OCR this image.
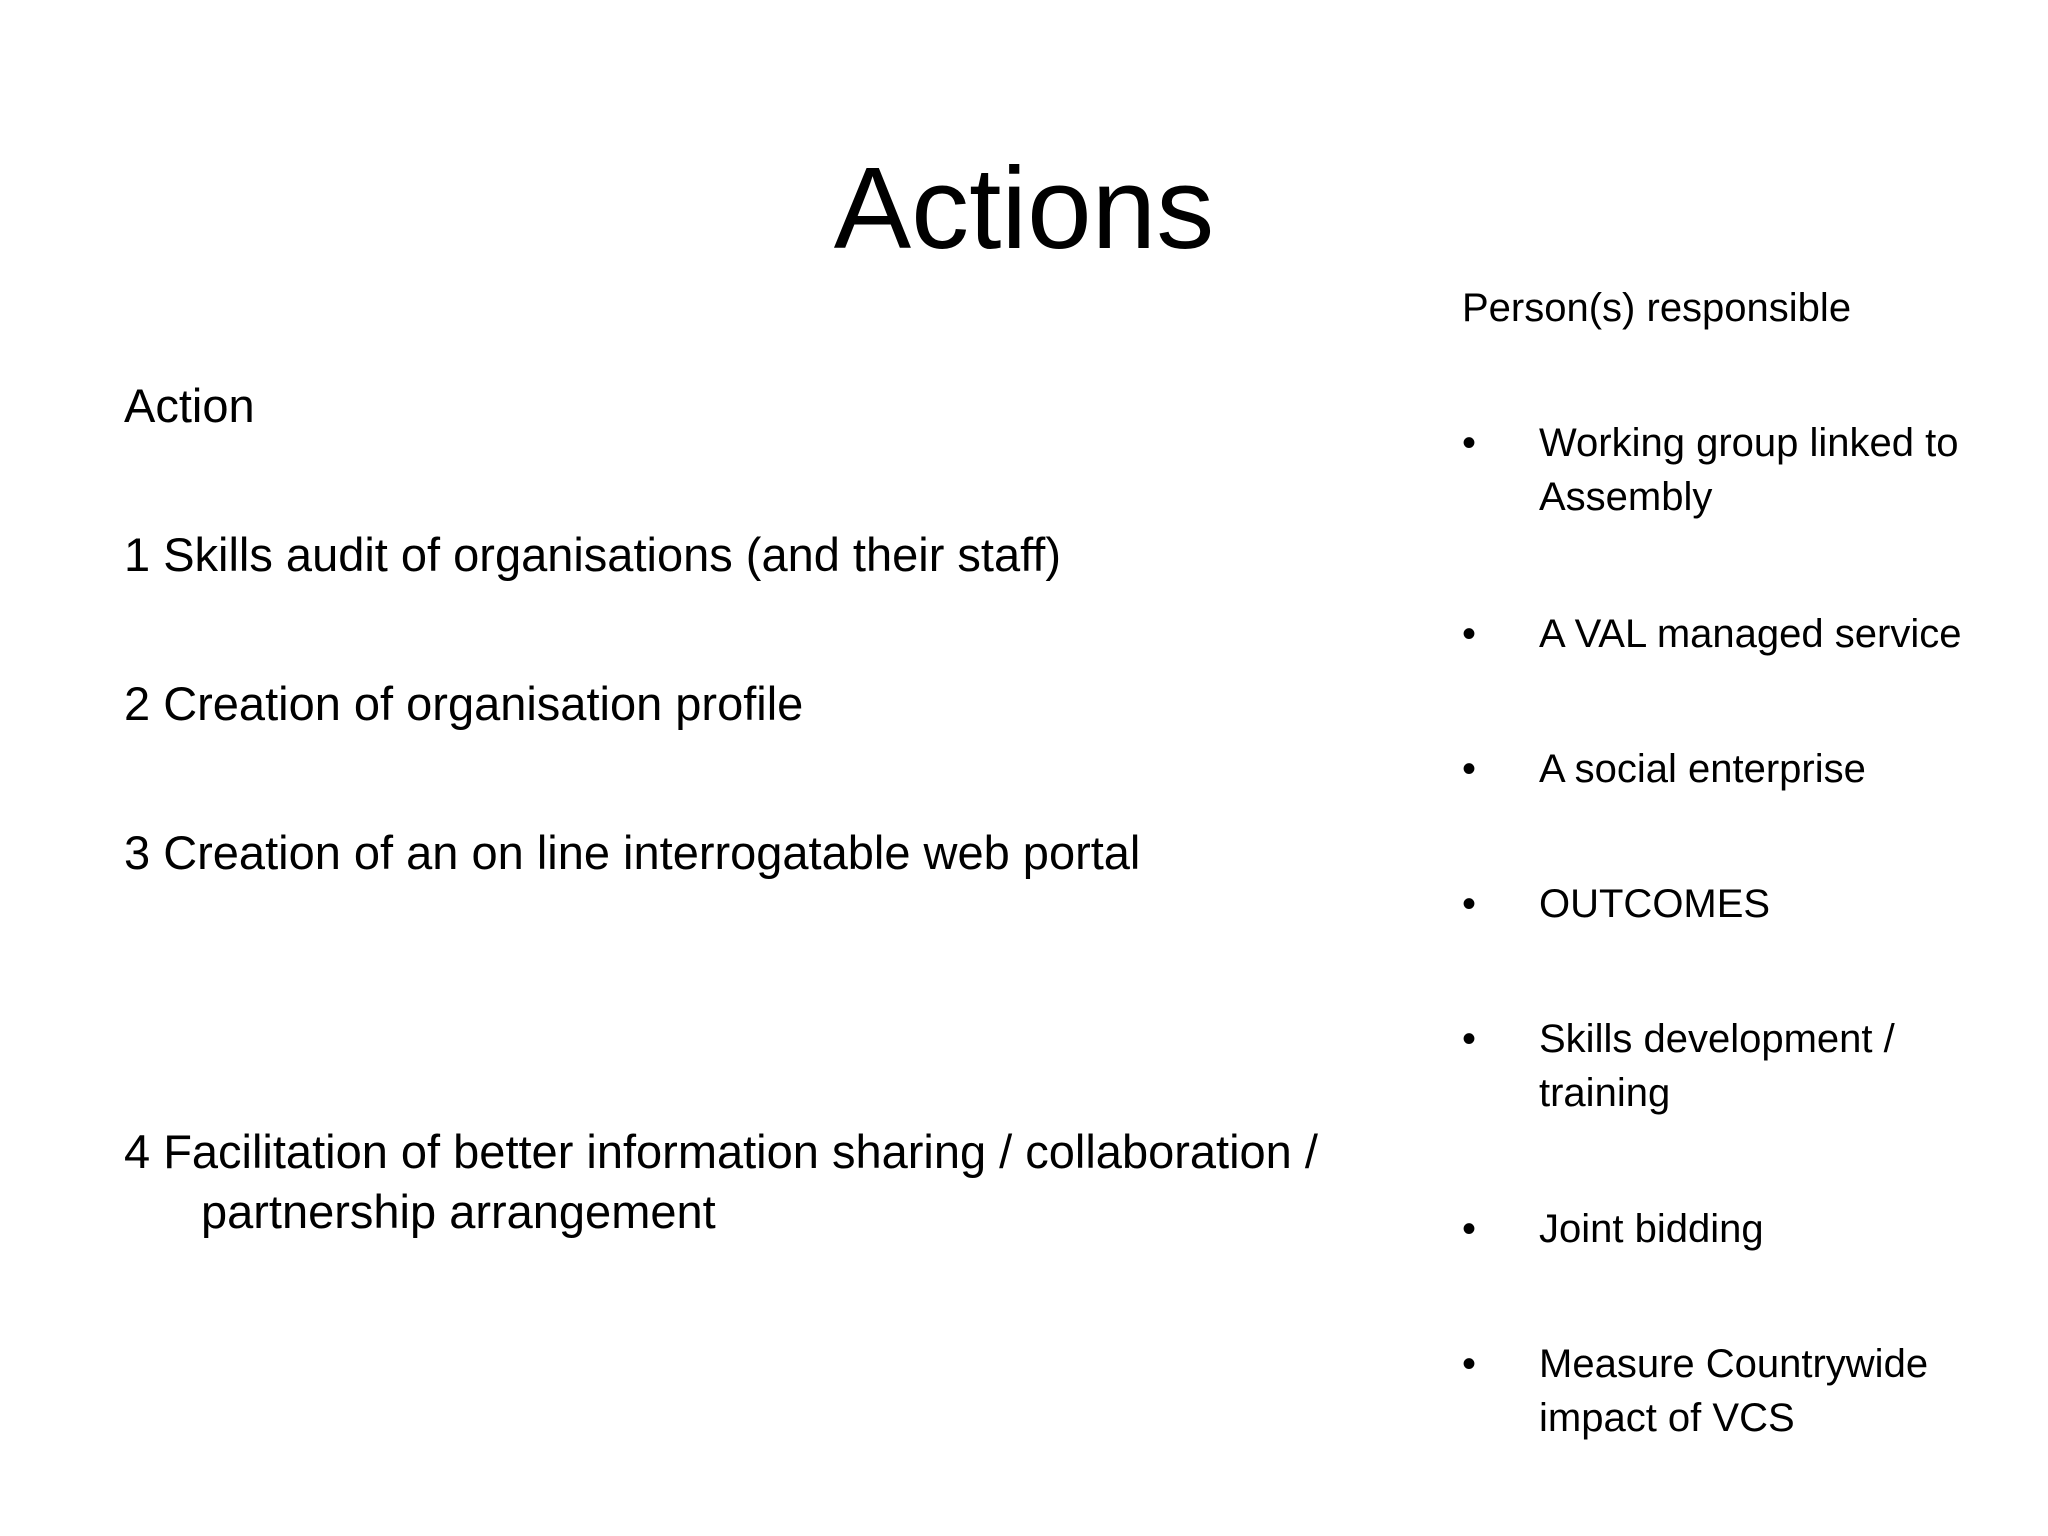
Actions
Action
1 Skills audit of organisations (and their staff)
2 Creation of organisation profile
3 Creation of an on line interrogatable web portal
4 Facilitation of better information sharing / collaboration / partnership arrangement
Person(s) responsible
•	Working group linked to Assembly
•	A VAL managed service
•	A social enterprise
•	OUTCOMES
•	Skills development / training
•	Joint bidding
•	Measure Countrywide impact of VCS
